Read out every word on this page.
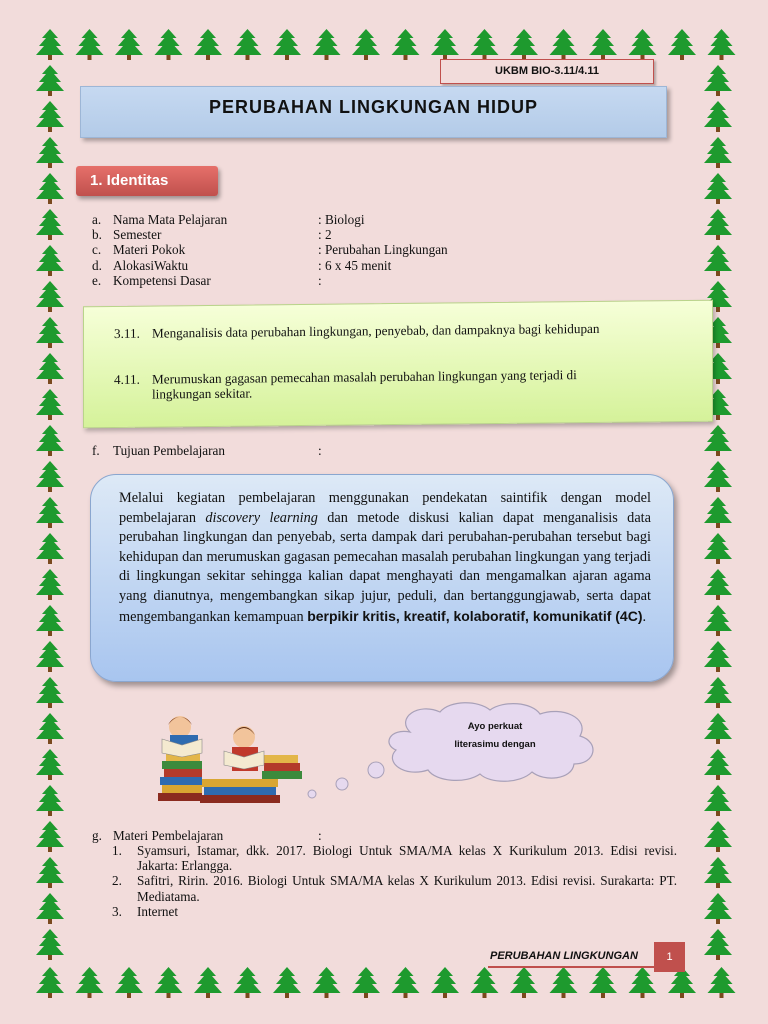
UKBM BIO-3.11/4.11
PERUBAHAN LINGKUNGAN HIDUP
1. Identitas
a. Nama Mata Pelajaran	: Biologi
b. Semester	: 2
c. Materi Pokok	: Perubahan Lingkungan
d. AlokasiWaktu	: 6 x 45 menit
e. Kompetensi Dasar	:
3.11. Menganalisis data perubahan lingkungan, penyebab, dan dampaknya bagi kehidupan
4.11. Merumuskan gagasan pemecahan masalah perubahan lingkungan yang terjadi di lingkungan sekitar.
f.	Tujuan Pembelajaran	:
Melalui kegiatan pembelajaran menggunakan pendekatan saintifik dengan model pembelajaran discovery learning dan metode diskusi kalian dapat menganalisis data perubahan lingkungan dan penyebab, serta dampak dari perubahan-perubahan tersebut bagi kehidupan dan merumuskan gagasan pemecahan masalah perubahan lingkungan yang terjadi di lingkungan sekitar sehingga kalian dapat menghayati dan mengamalkan ajaran agama yang dianutnya, mengembangkan sikap jujur, peduli, dan bertanggungjawab, serta dapat mengembangankan kemampuan berpikir kritis, kreatif, kolaboratif, komunikatif (4C).
Ayo perkuat
literasimu dengan
g. Materi Pembelajaran	:
1.	Syamsuri, Istamar, dkk. 2017. Biologi Untuk SMA/MA kelas X Kurikulum 2013. Edisi revisi. Jakarta: Erlangga.
2.	Safitri, Ririn. 2016. Biologi Untuk SMA/MA kelas X Kurikulum 2013. Edisi revisi. Surakarta: PT. Mediatama.
3.	Internet
PERUBAHAN LINGKUNGAN	1
